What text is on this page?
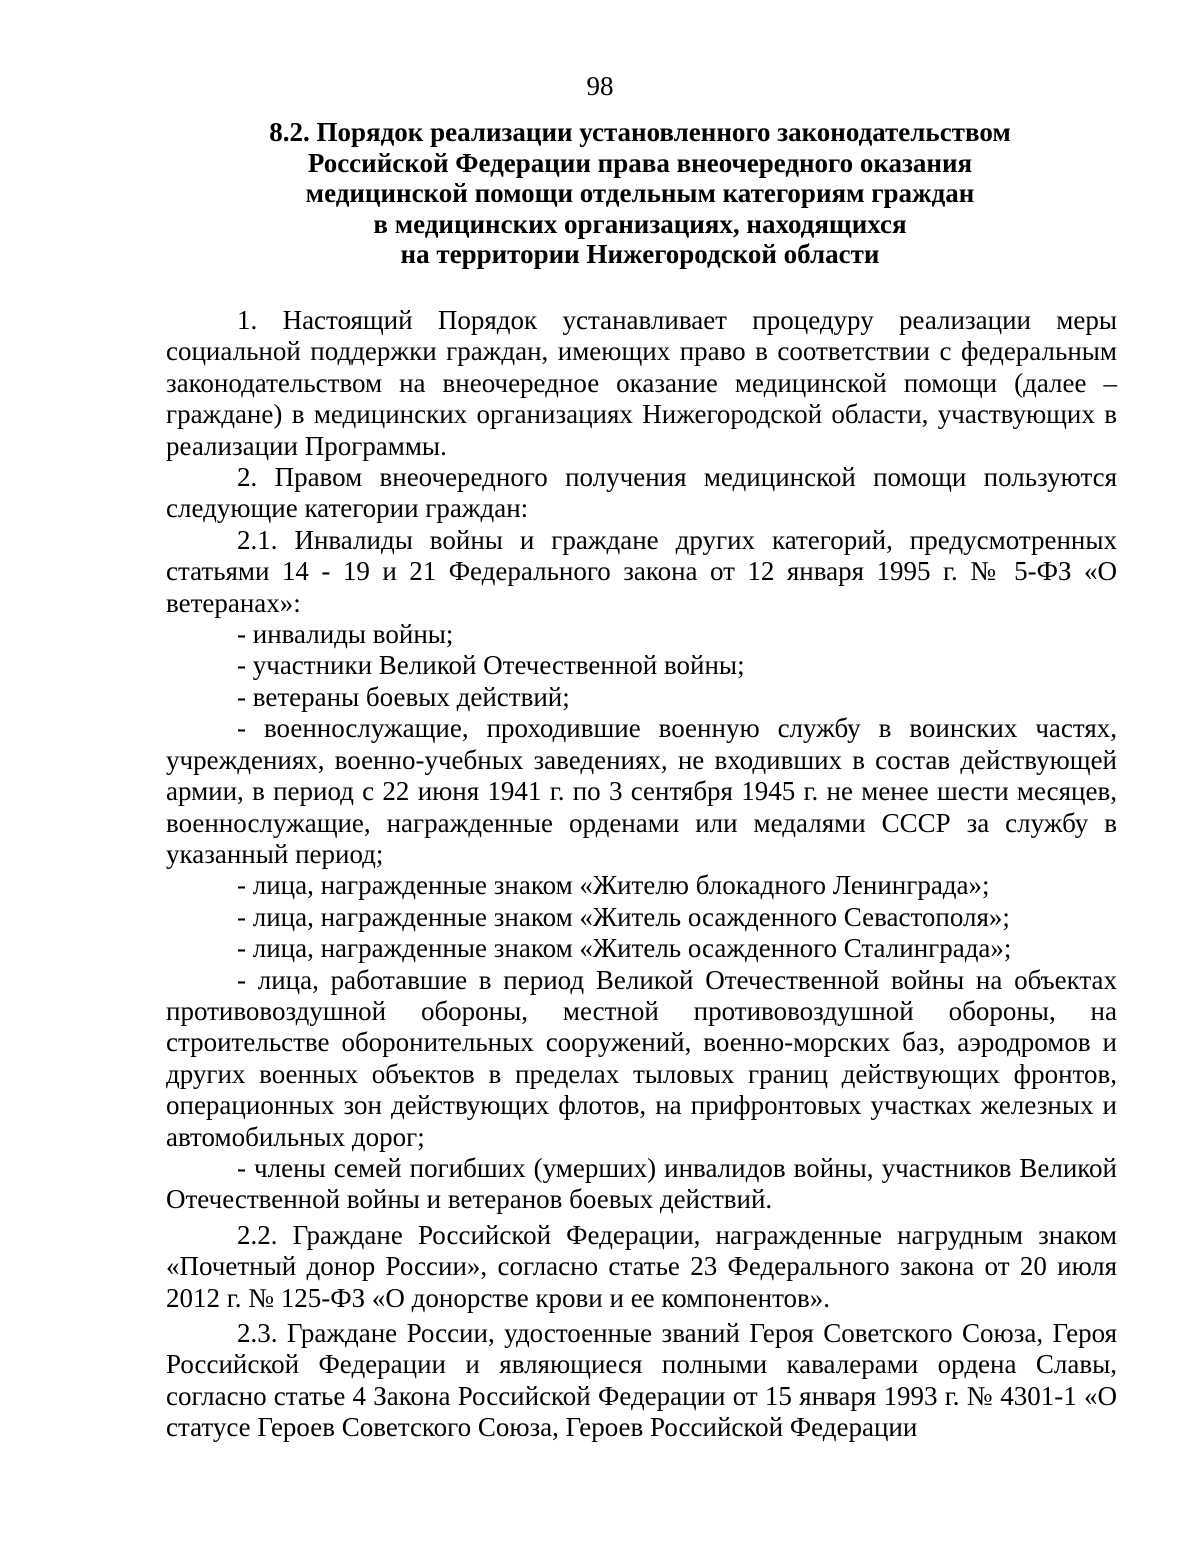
98
8.2. Порядок реализации установленного законодательством
Российской Федерации права внеочередного оказания
медицинской помощи отдельным категориям граждан
в медицинских организациях, находящихся
на территории Нижегородской области

1. Настоящий Порядок устанавливает процедуру реализации меры социальной поддержки граждан, имеющих право в соответствии с федеральным законодательством на внеочередное оказание медицинской помощи (далее – граждане) в медицинских организациях Нижегородской области, участвующих в реализации Программы.

2. Правом внеочередного получения медицинской помощи пользуются следующие категории граждан:

2.1. Инвалиды войны и граждане других категорий, предусмотренных статьями 14 - 19 и 21 Федерального закона от 12 января 1995 г. № 5-ФЗ «О ветеранах»:

- инвалиды войны;

- участники Великой Отечественной войны;

- ветераны боевых действий;

- военнослужащие, проходившие военную службу в воинских частях, учреждениях, военно-учебных заведениях, не входивших в состав действующей армии, в период с 22 июня 1941 г. по 3 сентября 1945 г. не менее шести месяцев, военнослужащие, награжденные орденами или медалями СССР за службу в указанный период;

- лица, награжденные знаком «Жителю блокадного Ленинграда»;

- лица, награжденные знаком «Житель осажденного Севастополя»;

- лица, награжденные знаком «Житель осажденного Сталинграда»;

- лица, работавшие в период Великой Отечественной войны на объектах противовоздушной обороны, местной противовоздушной обороны, на строительстве оборонительных сооружений, военно-морских баз, аэродромов и других военных объектов в пределах тыловых границ действующих фронтов, операционных зон действующих флотов, на прифронтовых участках железных и автомобильных дорог;

- члены семей погибших (умерших) инвалидов войны, участников Великой Отечественной войны и ветеранов боевых действий.

2.2. Граждане Российской Федерации, награжденные нагрудным знаком «Почетный донор России», согласно статье 23 Федерального закона от 20 июля 2012 г. № 125-ФЗ «О донорстве крови и ее компонентов».

2.3. Граждане России, удостоенные званий Героя Советского Союза, Героя Российской Федерации и являющиеся полными кавалерами ордена Славы, согласно статье 4 Закона Российской Федерации от 15 января 1993 г. № 4301-1 «О статусе Героев Советского Союза, Героев Российской Федерации
